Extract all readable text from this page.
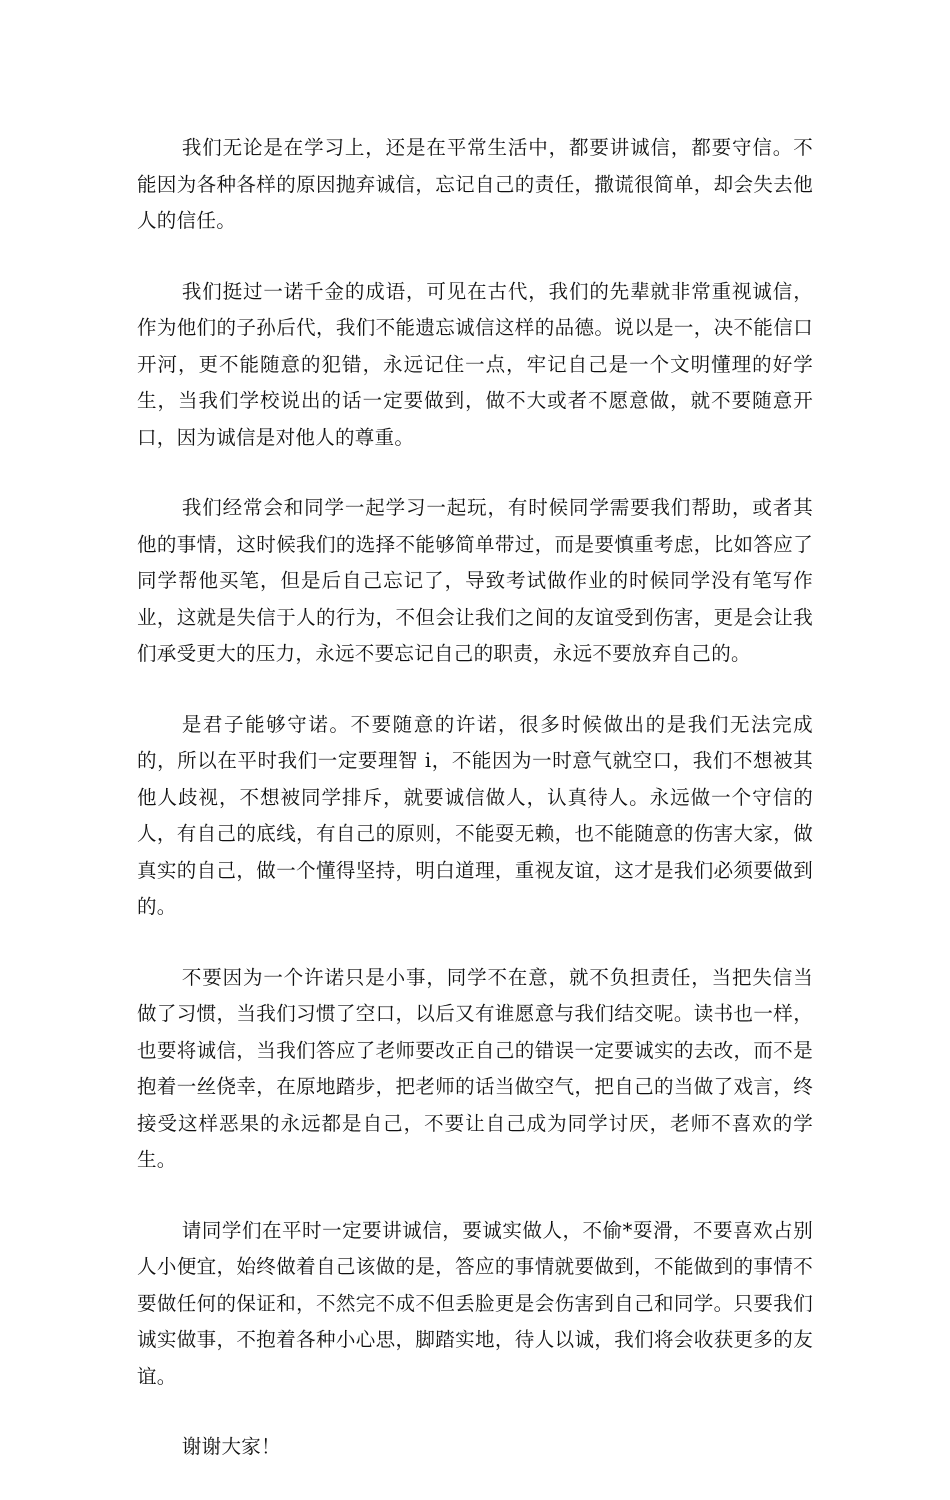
我们无论是在学习上，还是在平常生活中，都要讲诚信，都要守信。不能因为各种各样的原因抛弃诚信，忘记自己的责任，撒谎很简单，却会失去他人的信任。

我们挺过一诺千金的成语，可见在古代，我们的先辈就非常重视诚信，作为他们的子孙后代，我们不能遗忘诚信这样的品德。说以是一，决不能信口开河，更不能随意的犯错，永远记住一点，牢记自己是一个文明懂理的好学生，当我们学校说出的话一定要做到，做不大或者不愿意做，就不要随意开口，因为诚信是对他人的尊重。

我们经常会和同学一起学习一起玩，有时候同学需要我们帮助，或者其他的事情，这时候我们的选择不能够简单带过，而是要慎重考虑，比如答应了同学帮他买笔，但是后自己忘记了，导致考试做作业的时候同学没有笔写作业，这就是失信于人的行为，不但会让我们之间的友谊受到伤害，更是会让我们承受更大的压力，永远不要忘记自己的职责，永远不要放弃自己的。

是君子能够守诺。不要随意的许诺，很多时候做出的是我们无法完成的，所以在平时我们一定要理智 i，不能因为一时意气就空口，我们不想被其他人歧视，不想被同学排斥，就要诚信做人，认真待人。永远做一个守信的人，有自己的底线，有自己的原则，不能耍无赖，也不能随意的伤害大家，做真实的自己，做一个懂得坚持，明白道理，重视友谊，这才是我们必须要做到的。

不要因为一个许诺只是小事，同学不在意，就不负担责任，当把失信当做了习惯，当我们习惯了空口，以后又有谁愿意与我们结交呢。读书也一样，也要将诚信，当我们答应了老师要改正自己的错误一定要诚实的去改，而不是抱着一丝侥幸，在原地踏步，把老师的话当做空气，把自己的当做了戏言，终接受这样恶果的永远都是自己，不要让自己成为同学讨厌，老师不喜欢的学生。

请同学们在平时一定要讲诚信，要诚实做人，不偷*耍滑，不要喜欢占别人小便宜，始终做着自己该做的是，答应的事情就要做到，不能做到的事情不要做任何的保证和，不然完不成不但丢脸更是会伤害到自己和同学。只要我们诚实做事，不抱着各种小心思，脚踏实地，待人以诚，我们将会收获更多的友谊。

谢谢大家！
